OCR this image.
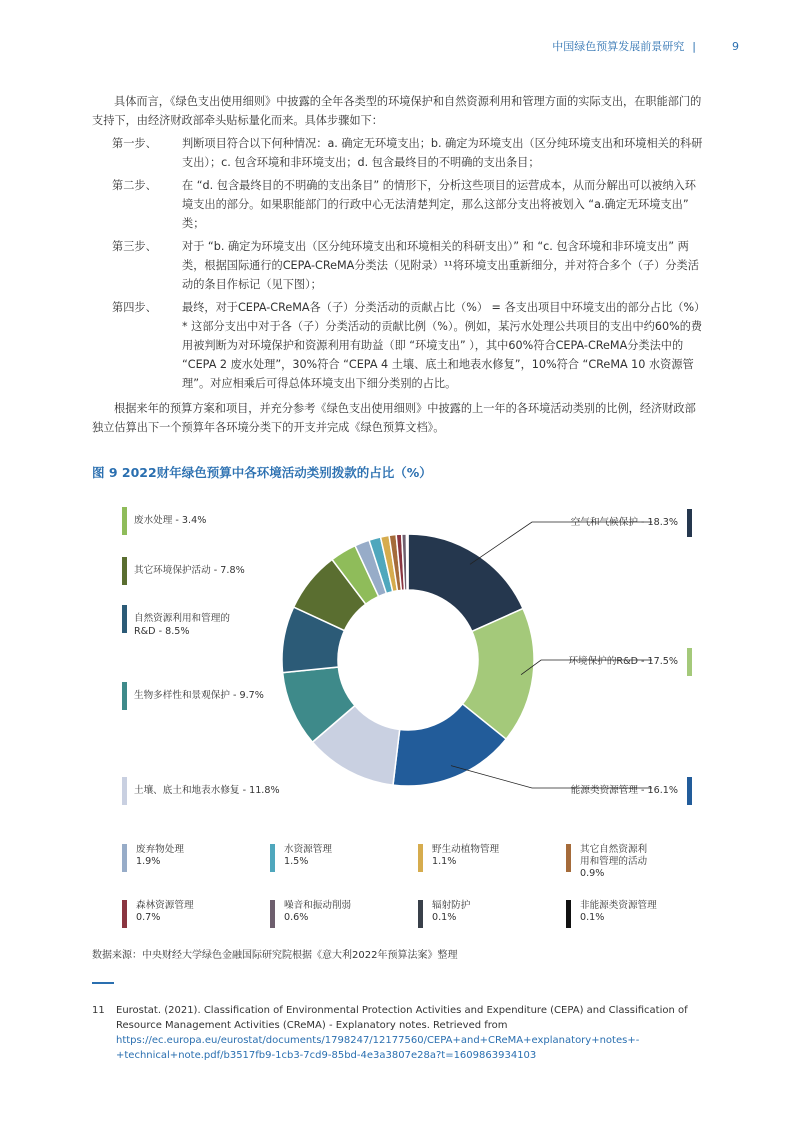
中国绿色预算发展前景研究 |	9

具体而言，《绿色支出使用细则》中披露的全年各类型的环境保护和自然资源利用和管理方面的实际支出，在职能部门的支持下，由经济财政部牵头贴标量化而来。具体步骤如下：

第一步、	判断项目符合以下何种情况：a. 确定无环境支出；b. 确定为环境支出（区分纯环境支出和环境相关的科研支出）；c. 包含环境和非环境支出；d. 包含最终目的不明确的支出条目；
第二步、	在 “d. 包含最终目的不明确的支出条目” 的情形下，分析这些项目的运营成本，从而分解出可以被纳入环境支出的部分。如果职能部门的行政中心无法清楚判定，那么这部分支出将被划入 “a.确定无环境支出” 类；
第三步、	对于 “b. 确定为环境支出（区分纯环境支出和环境相关的科研支出）” 和 “c. 包含环境和非环境支出” 两类，根据国际通行的CEPA-CReMA分类法（见附录）¹¹将环境支出重新细分，并对符合多个（子）分类活动的条目作标记（见下图）；
第四步、	最终，对于CEPA-CReMA各（子）分类活动的贡献占比（%） = 各支出项目中环境支出的部分占比（%）* 这部分支出中对于各（子）分类活动的贡献比例（%）。例如，某污水处理公共项目的支出中约60%的费用被判断为对环境保护和资源利用有助益（即 “环境支出” ），其中60%符合CEPA-CReMA分类法中的 “CEPA 2 废水处理”，30%符合 “CEPA 4 土壤、底土和地表水修复”，10%符合 “CReMA 10 水资源管理”。对应相乘后可得总体环境支出下细分类别的占比。

根据来年的预算方案和项目，并充分参考《绿色支出使用细则》中披露的上一年的各环境活动类别的比例，经济财政部独立估算出下一个预算年各环境分类下的开支并完成《绿色预算文档》。

图 9 2022财年绿色预算中各环境活动类别拨款的占比（%）
空气和气候保护 - 18.3%
环境保护的R&D - 17.5%
能源类资源管理 - 16.1%
土壤、底土和地表水修复 - 11.8%
生物多样性和景观保护 - 9.7%
自然资源利用和管理的
R&D - 8.5%
其它环境保护活动 - 7.8%
废水处理 - 3.4%
废弃物处理
1.9%
水资源管理
1.5%
野生动植物管理
1.1%
其它自然资源利
用和管理的活动
0.9%
森林资源管理
0.7%
噪音和振动削弱
0.6%
辐射防护
0.1%
非能源类资源管理
0.1%
数据来源：中央财经大学绿色金融国际研究院根据《意大利2022年预算法案》整理
11 Eurostat. (2021). Classification of Environmental Protection Activities and Expenditure (CEPA) and Classification of Resource Management Activities (CReMA) - Explanatory notes. Retrieved from https://ec.europa.eu/eurostat/documents/1798247/12177560/CEPA+and+CReMA+explanatory+notes+-+technical+note.pdf/b3517fb9-1cb3-7cd9-85bd-4e3a3807e28a?t=1609863934103
